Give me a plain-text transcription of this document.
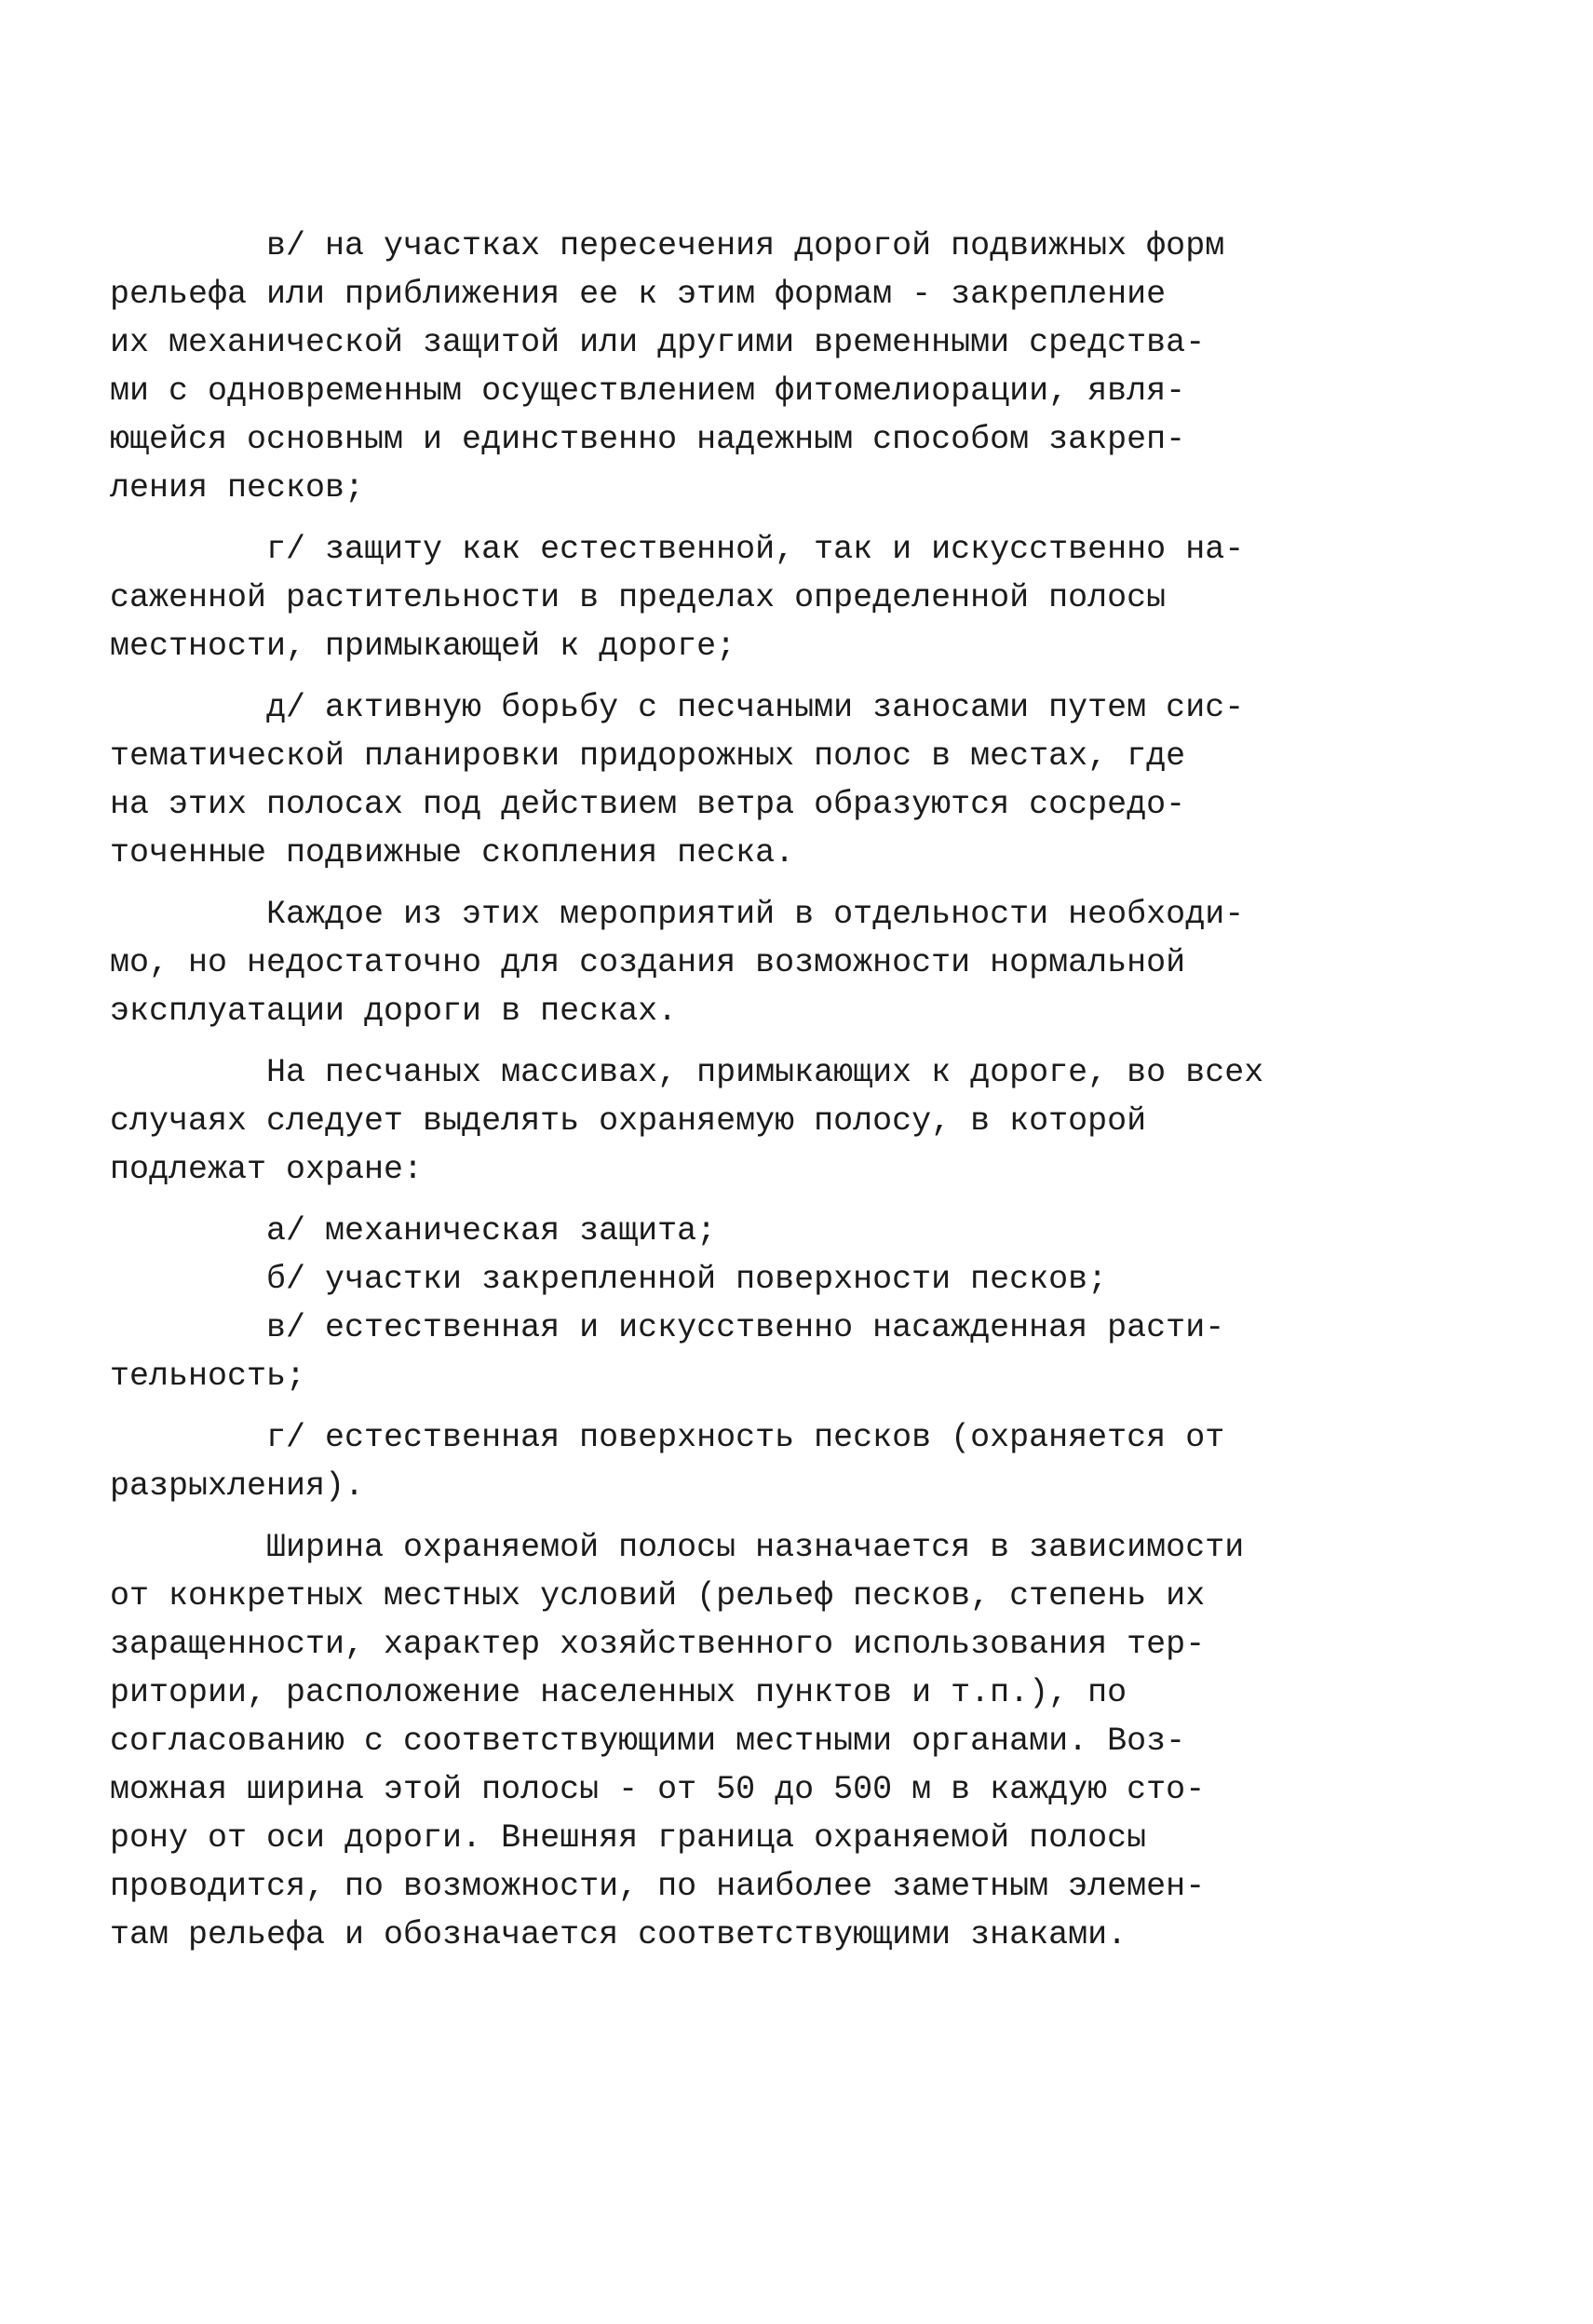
в/ на участках пересечения дорогой подвижных форм
рельефа или приближения ее к этим формам - закрепление
их механической защитой или другими временными средства-
ми с одновременным осуществлением фитомелиорации, явля-
ющейся основным и единственно надежным способом закреп-
ления песков;
г/ защиту как естественной, так и искусственно на-
саженной растительности в пределах определенной полосы
местности, примыкающей к дороге;
д/ активную борьбу с песчаными заносами путем сис-
тематической планировки придорожных полос в местах, где
на этих полосах под действием ветра образуются сосредо-
точенные подвижные скопления песка.
Каждое из этих мероприятий в отдельности необходи-
мо, но недостаточно для создания возможности нормальной
эксплуатации дороги в песках.
На песчаных массивах, примыкающих к дороге, во всех
случаях следует выделять охраняемую полосу, в которой
подлежат охране:
а/ механическая защита;
б/ участки закрепленной поверхности песков;
в/ естественная и искусственно насажденная расти-
тельность;
г/ естественная поверхность песков (охраняется от
разрыхления).
Ширина охраняемой полосы назначается в зависимости
от конкретных местных условий (рельеф песков, степень их
заращенности, характер хозяйственного использования тер-
ритории, расположение населенных пунктов и т.п.), по
согласованию с соответствующими местными органами. Воз-
можная ширина этой полосы - от 50 до 500 м в каждую сто-
рону от оси дороги. Внешняя граница охраняемой полосы
проводится, по возможности, по наиболее заметным элемен-
там рельефа и обозначается соответствующими знаками.
